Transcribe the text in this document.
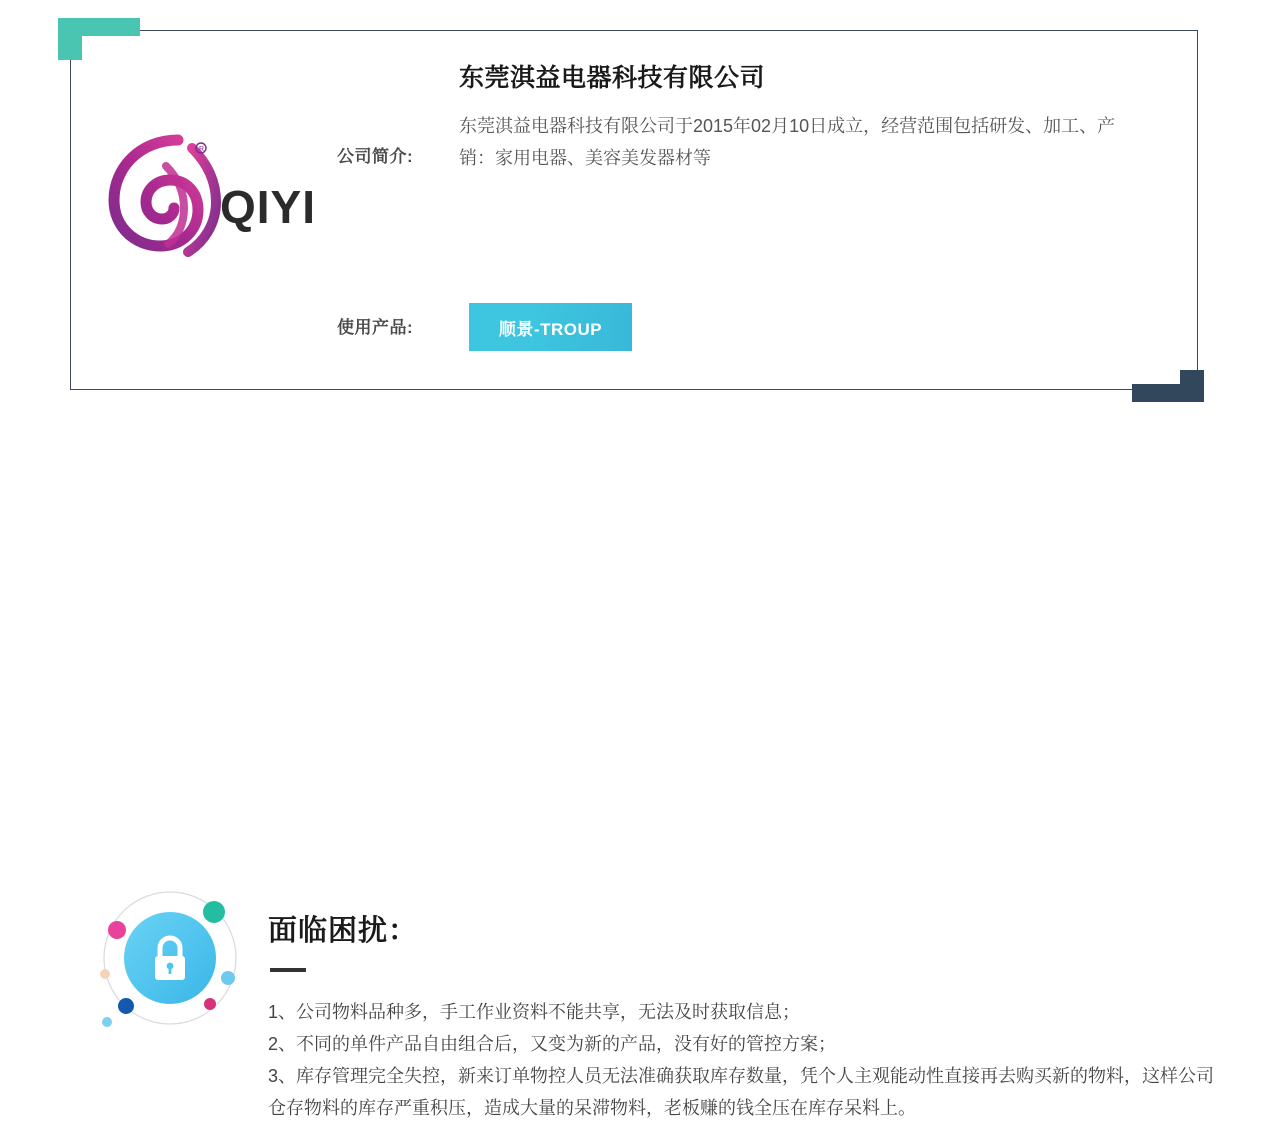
R
QIYI
公司简介:
东莞淇益电器科技有限公司
东莞淇益电器科技有限公司于2015年02月10日成立，经营范围包括研发、加工、产销：家用电器、美容美发器材等
使用产品:	顺景-TROUP
面临困扰：

1、公司物料品种多，手工作业资料不能共享，无法及时获取信息；

2、不同的单件产品自由组合后，又变为新的产品，没有好的管控方案；

3、库存管理完全失控，新来订单物控人员无法准确获取库存数量，凭个人主观能动性直接再去购买新的物料，这样公司仓存物料的库存严重积压，造成大量的呆滞物料，老板赚的钱全压在库存呆料上。
